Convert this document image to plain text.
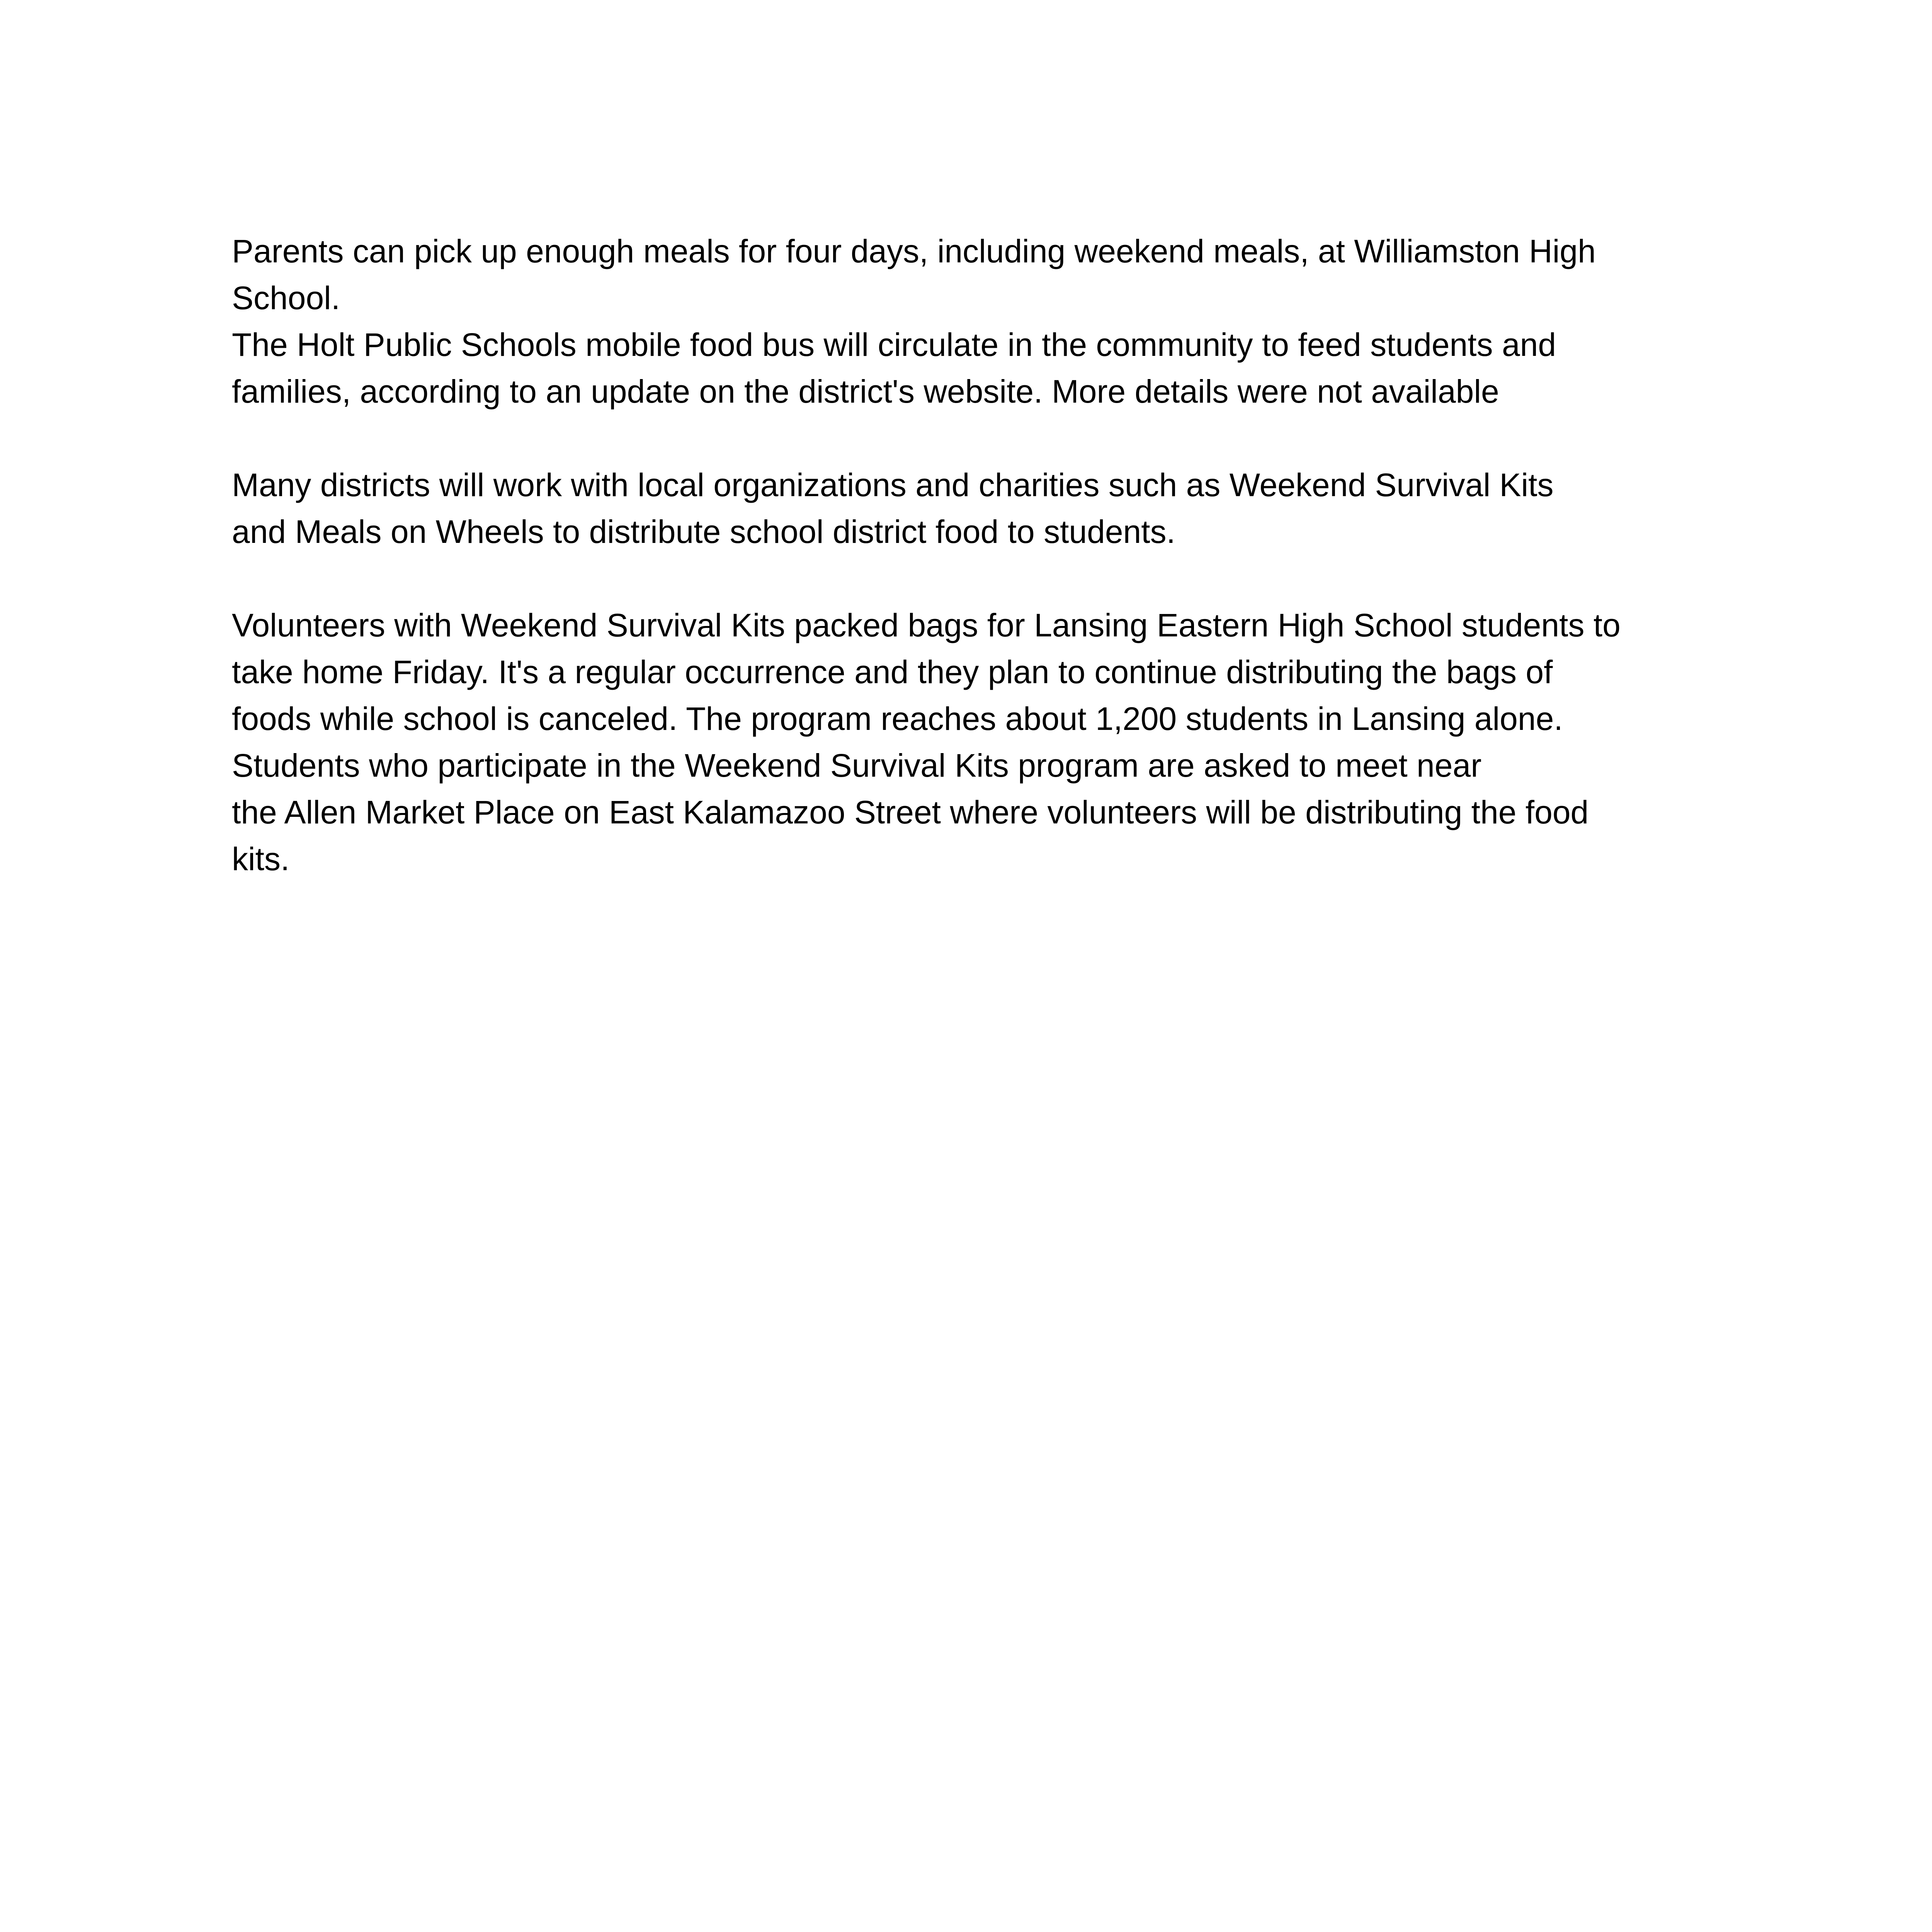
Parents can pick up enough meals for four days, including weekend meals, at Williamston High
School.
The Holt Public Schools mobile food bus will circulate in the community to feed students and
families, according to an update on the district's website. More details were not available
Many districts will work with local organizations and charities such as Weekend Survival Kits
and Meals on Wheels to distribute school district food to students.
Volunteers with Weekend Survival Kits packed bags for Lansing Eastern High School students to
take home Friday. It's a regular occurrence and they plan to continue distributing the bags of
foods while school is canceled. The program reaches about 1,200 students in Lansing alone.
Students who participate in the Weekend Survival Kits program are asked to meet near
the Allen Market Place on East Kalamazoo Street where volunteers will be distributing the food
kits.
